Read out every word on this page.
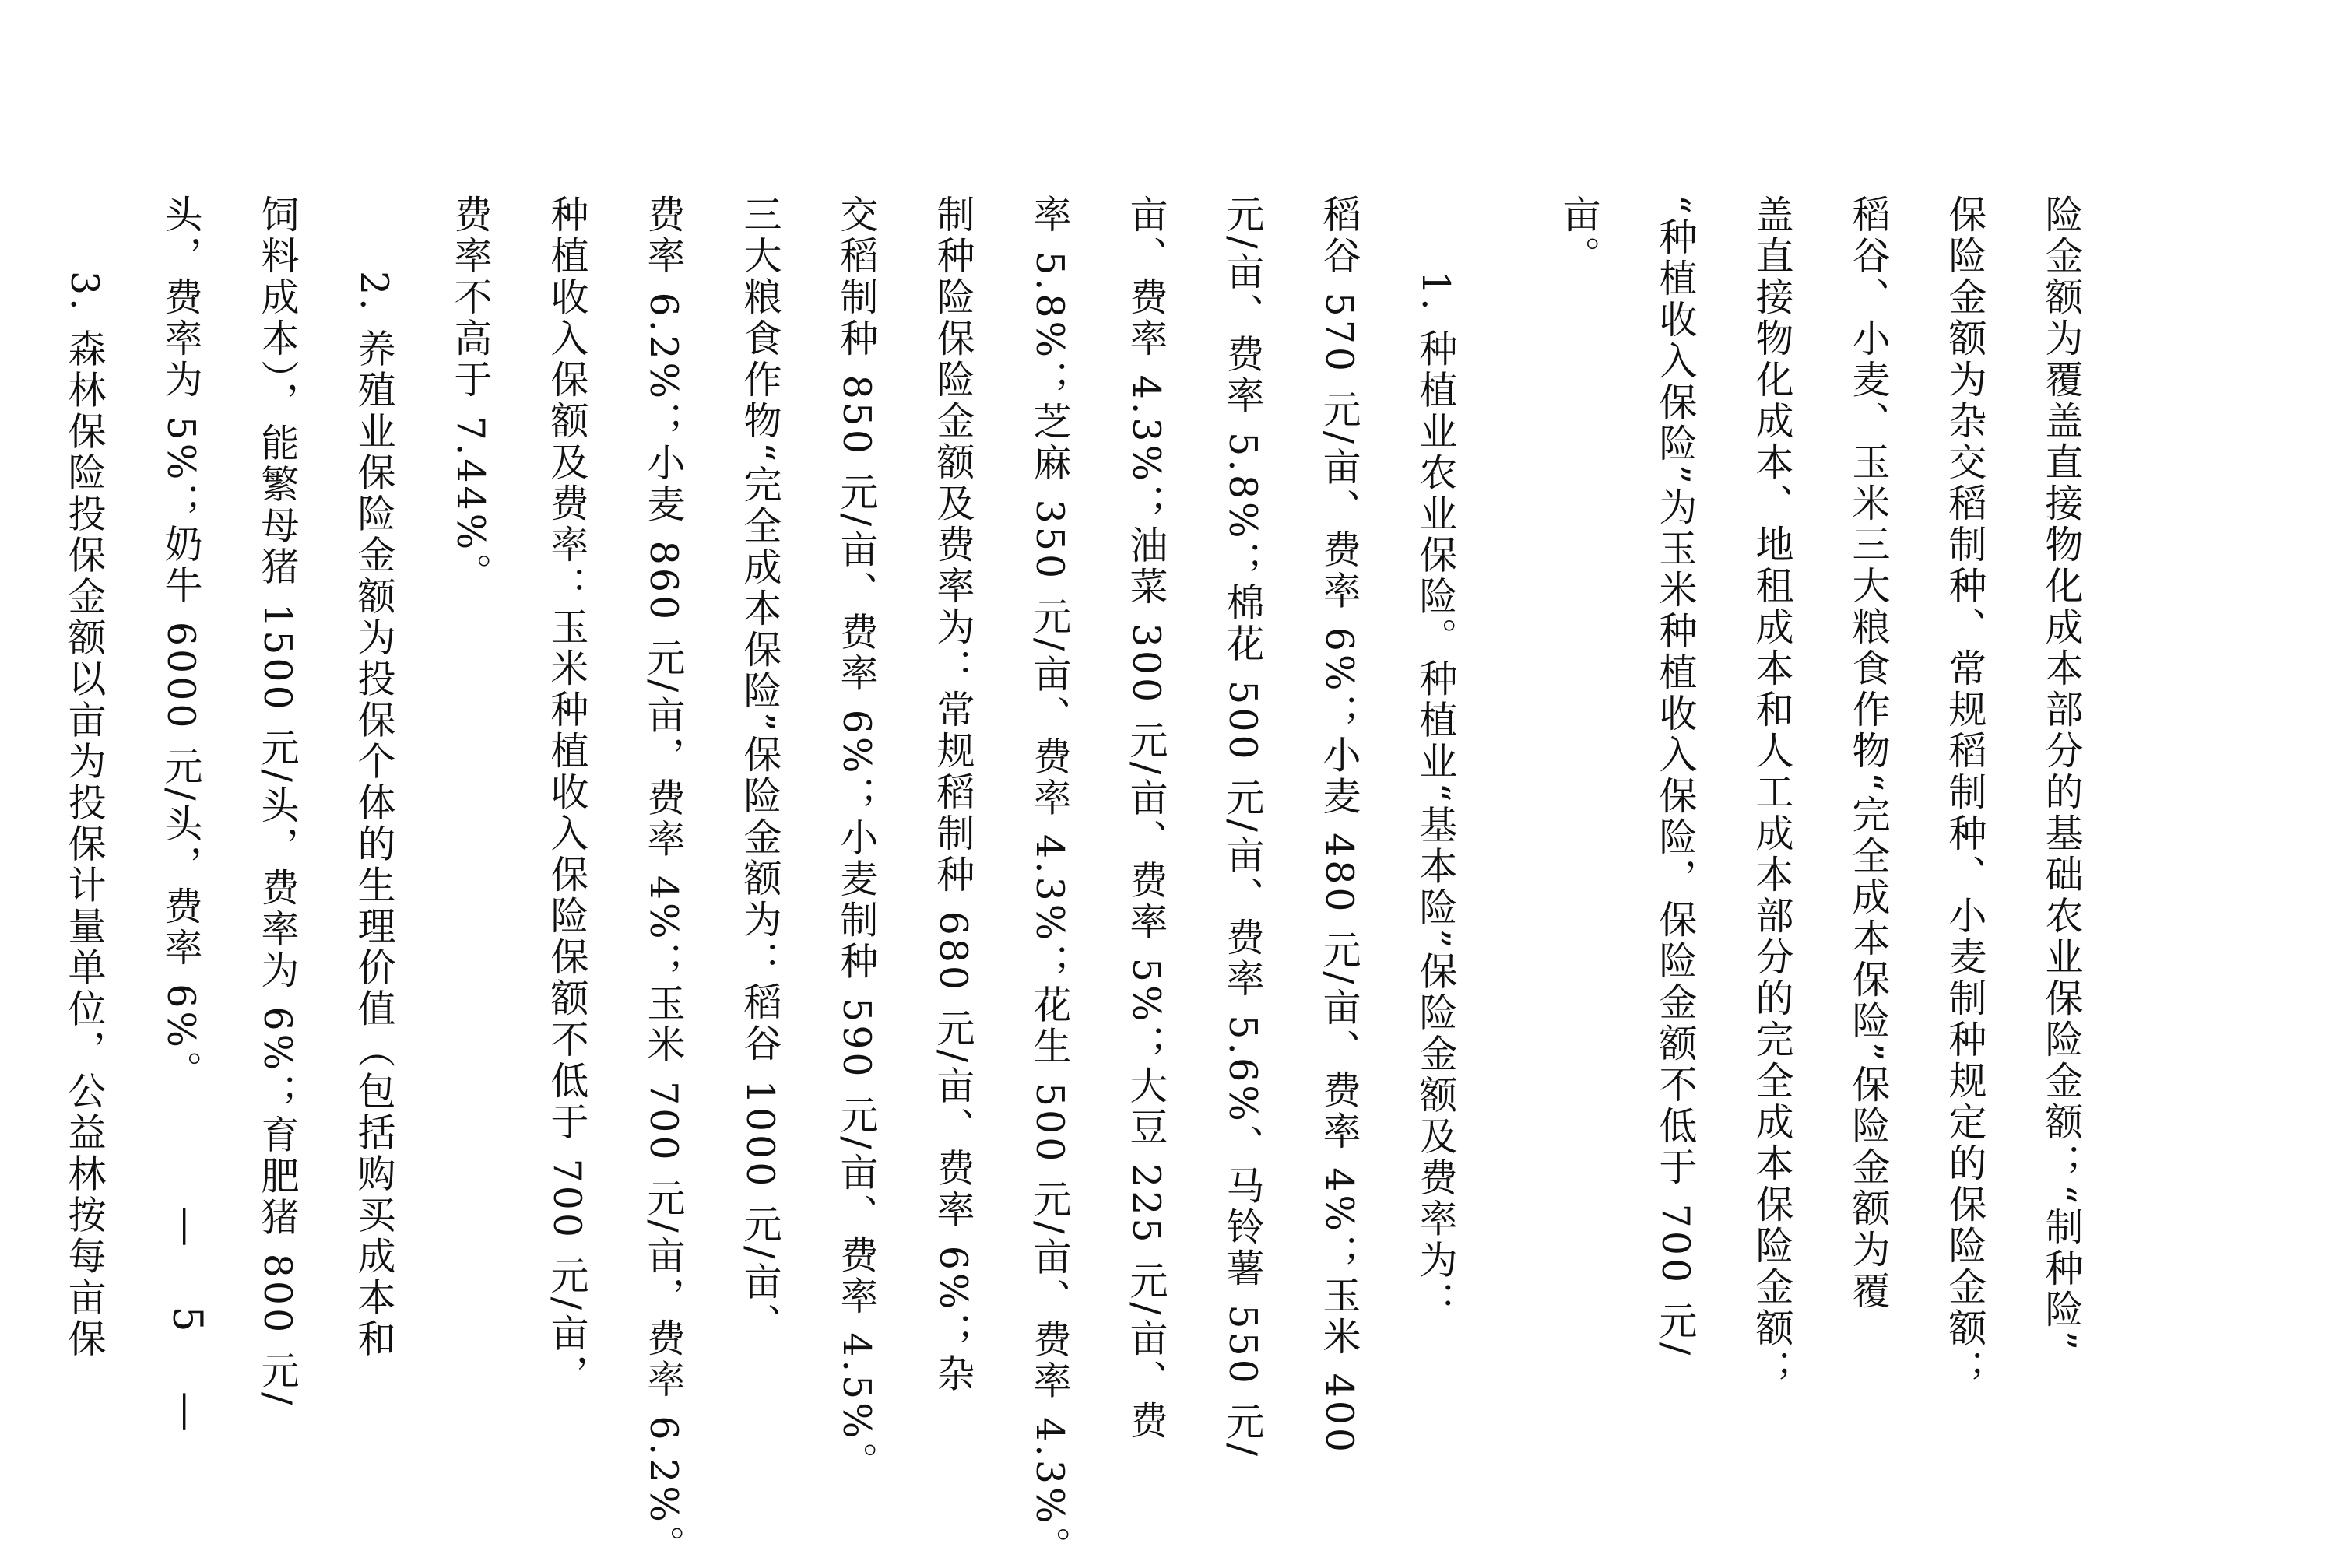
险金额为覆盖直接物化成本部分的基础农业保险金额；“制种险”
保险金额为杂交稻制种、常规稻制种、小麦制种规定的保险金额；
稻谷、小麦、玉米三大粮食作物“完全成本保险”保险金额为覆
盖直接物化成本、地租成本和人工成本部分的完全成本保险金额；
“种植收入保险”为玉米种植收入保险，保险金额不低于 700 元/
亩。
1. 种植业农业保险。种植业“基本险”保险金额及费率为：
稻谷 570 元/亩、费率 6%；小麦 480 元/亩、费率 4%；玉米 400
元/亩、费率 5.8%；棉花 500 元/亩、费率 5.6%、马铃薯 550 元/
亩、费率 4.3%；油菜 300 元/亩、费率 5%；大豆 225 元/亩、费
率 5.8%；芝麻 350 元/亩、费率 4.3%；花生 500 元/亩、费率 4.3%。
制种险保险金额及费率为：常规稻制种 680 元/亩、费率 6%；杂
交稻制种 850 元/亩、费率 6%；小麦制种 590 元/亩、费率 4.5%。
三大粮食作物“完全成本保险”保险金额为：稻谷 1000 元/亩、
费率 6.2%；小麦 860 元/亩，费率 4%；玉米 700 元/亩，费率 6.2%。
种植收入保额及费率：玉米种植收入保险保额不低于 700 元/亩，
费率不高于 7.44%。
2. 养殖业保险金额为投保个体的生理价值（包括购买成本和
饲料成本），能繁母猪 1500 元/头，费率为 6%；育肥猪 800 元/
头，费率为 5%；奶牛 6000 元/头，费率 6%。
3. 森林保险投保金额以亩为投保计量单位，公益林按每亩保	— 5 —
